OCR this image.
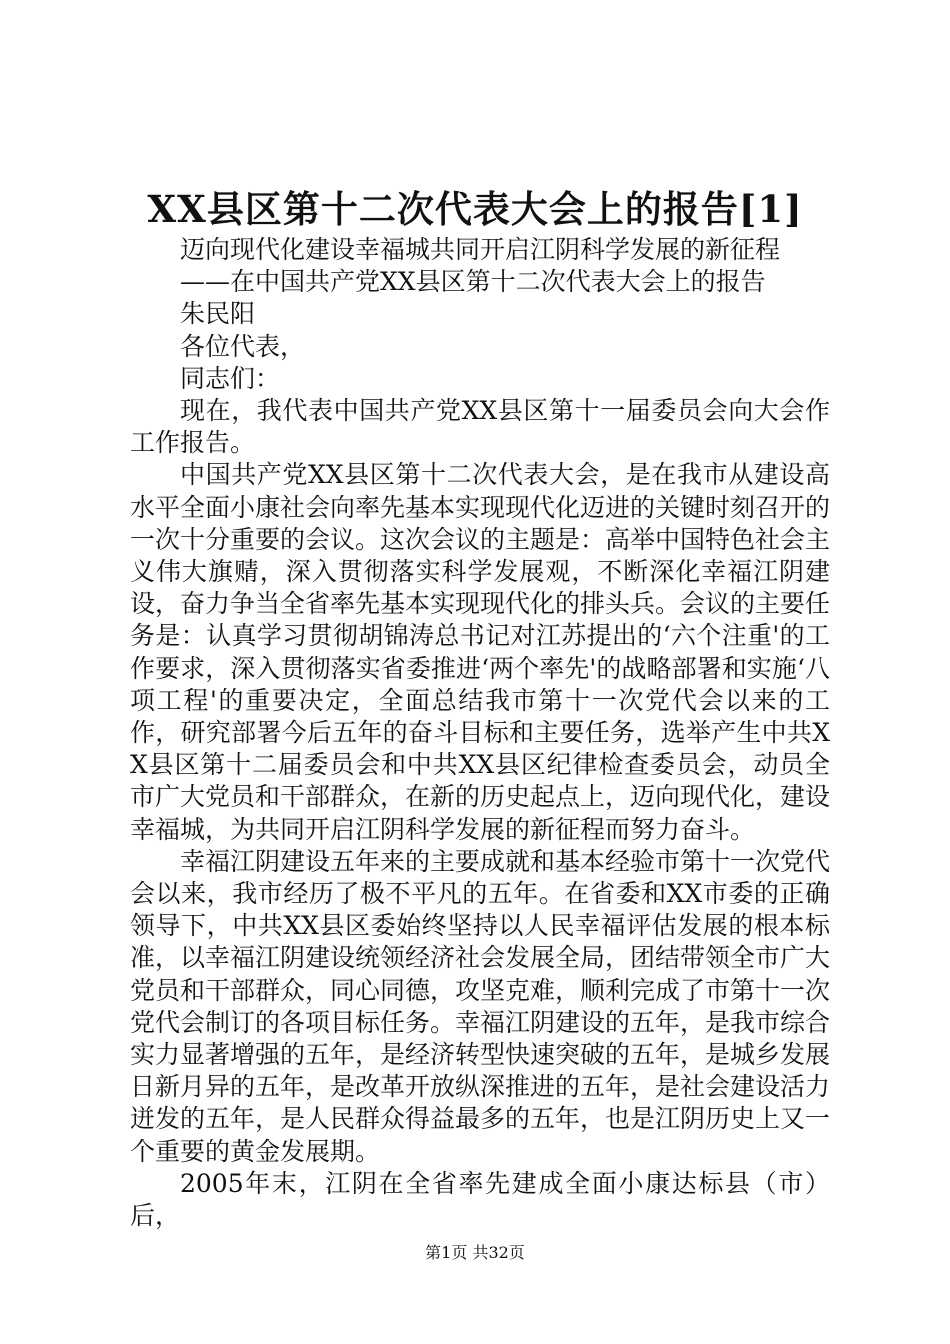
XX县区第十二次代表大会上的报告[1]

迈向现代化建设幸福城共同开启江阴科学发展的新征程

——在中国共产党XX县区第十二次代表大会上的报告

朱民阳

各位代表，

同志们：

现在，我代表中国共产党XX县区第十一届委员会向大会作工作报告。

中国共产党XX县区第十二次代表大会，是在我市从建设高水平全面小康社会向率先基本实现现代化迈进的关键时刻召开的一次十分重要的会议。这次会议的主题是：高举中国特色社会主义伟大旗䞍，深入贯彻落实科学发展观，不断深化幸福江阴建设，奋力争当全省率先基本实现现代化的排头兵。会议的主要任务是：认真学习贯彻胡锦涛总书记对江苏提出的‘六个注重'的工作要求，深入贯彻落实省委推进‘两个率先'的战略部署和实施‘八项工程'的重要决定，全面总结我市第十一次党代会以来的工作，研究部署今后五年的奋斗目标和主要任务，选举产生中共XX县区第十二届委员会和中共XX县区纪律检查委员会，动员全市广大党员和干部群众，在新的历史起点上，迈向现代化，建设幸福城，为共同开启江阴科学发展的新征程而努力奋斗。

幸福江阴建设五年来的主要成就和基本经验市第十一次党代会以来，我市经历了极不平凡的五年。在省委和XX市委的正确领导下，中共XX县区委始终坚持以人民幸福评估发展的根本标准，以幸福江阴建设统领经济社会发展全局，团结带领全市广大党员和干部群众，同心同德，攻坚克难，顺利完成了市第十一次党代会制订的各项目标任务。幸福江阴建设的五年，是我市综合实力显著增强的五年，是经济转型快速突破的五年，是城乡发展日新月异的五年，是改革开放纵深推进的五年，是社会建设活力迸发的五年，是人民群众得益最多的五年，也是江阴历史上又一个重要的黄金发展期。

2005年末，江阴在全省率先建成全面小康达标县（市）后，

第1页 共32页
